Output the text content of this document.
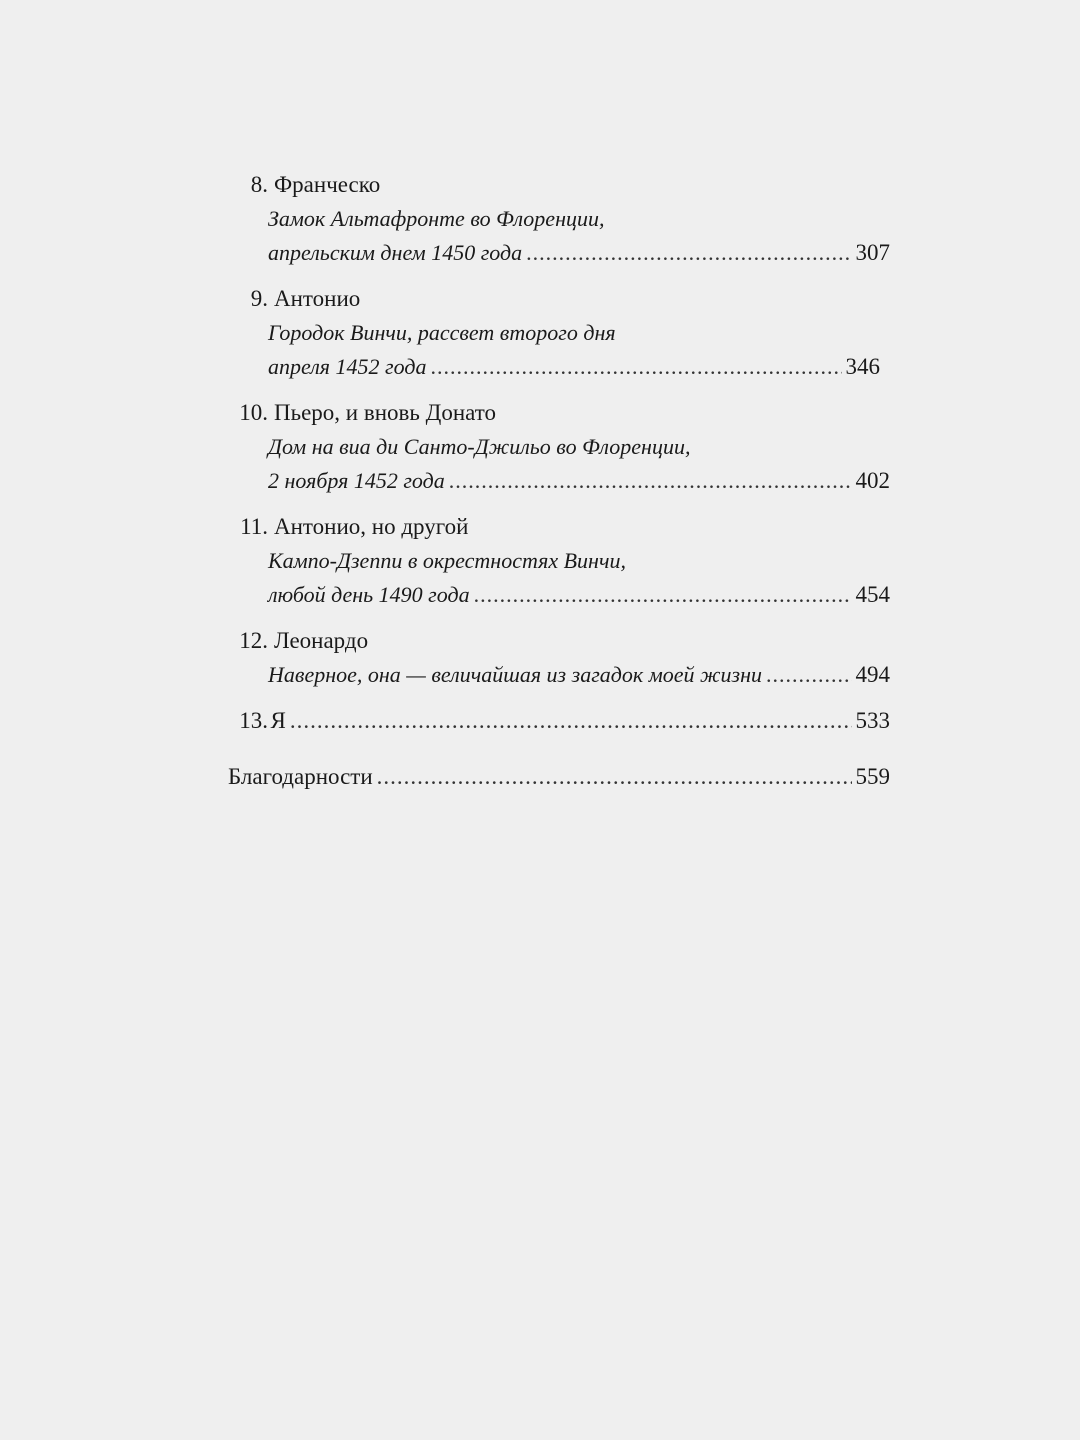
8. Франческо
Замок Альтафронте во Флоренции,
апрельским днем 1450 года .....	307
9. Антонио
Городок Винчи, рассвет второго дня
апреля 1452 года .....	346
10. Пьеро, и вновь Донато
Дом на виа ди Санто-Джильо во Флоренции,
2 ноября 1452 года .....	402
11. Антонио, но другой
Кампо-Дзеппи в окрестностях Винчи,
любой день 1490 года .....	454
12. Леонардо
Наверное, она — величайшая из загадок моей жизни .....	494
13. Я .....	533
Благодарности .....	559
